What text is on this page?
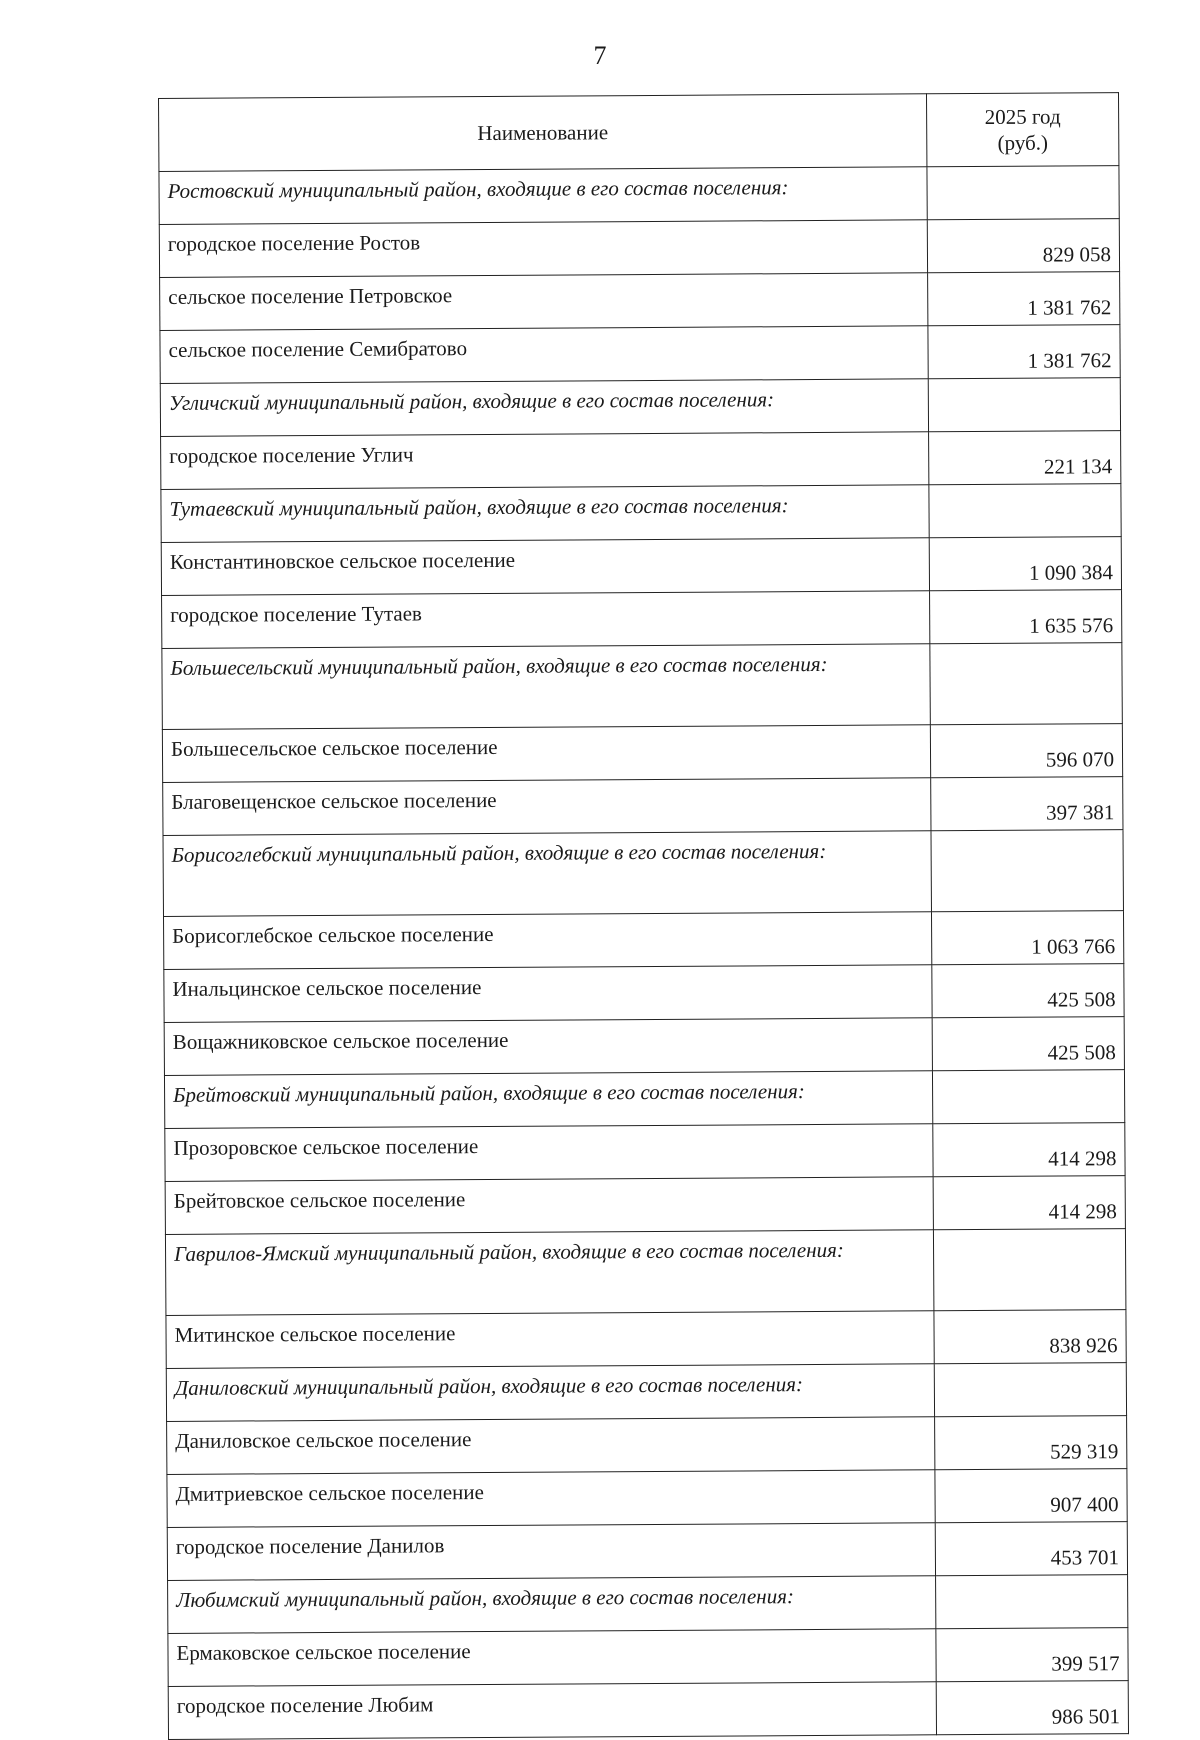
7
Наименование	2025 год
(руб.)

Ростовский муниципальный район, входящие в его состав поселения:	
городское поселение Ростов	829 058
сельское поселение Петровское	1 381 762
сельское поселение Семибратово	1 381 762
Угличский муниципальный район, входящие в его состав поселения:	
городское поселение Углич	221 134
Тутаевский муниципальный район, входящие в его состав поселения:	
Константиновское сельское поселение	1 090 384
городское поселение Тутаев	1 635 576
Большесельский муниципальный район, входящие в его состав поселения:	
Большесельское сельское поселение	596 070
Благовещенское сельское поселение	397 381
Борисоглебский муниципальный район, входящие в его состав поселения:	
Борисоглебское сельское поселение	1 063 766
Инальцинское сельское поселение	425 508
Вощажниковское сельское поселение	425 508
Брейтовский муниципальный район, входящие в его состав поселения:	
Прозоровское сельское поселение	414 298
Брейтовское сельское поселение	414 298
Гаврилов-Ямский муниципальный район, входящие в его состав поселения:	
Митинское сельское поселение	838 926
Даниловский муниципальный район, входящие в его состав поселения:	
Даниловское сельское поселение	529 319
Дмитриевское сельское поселение	907 400
городское поселение Данилов	453 701
Любимский муниципальный район, входящие в его состав поселения:	
Ермаковское сельское поселение	399 517
городское поселение Любим	986 501
